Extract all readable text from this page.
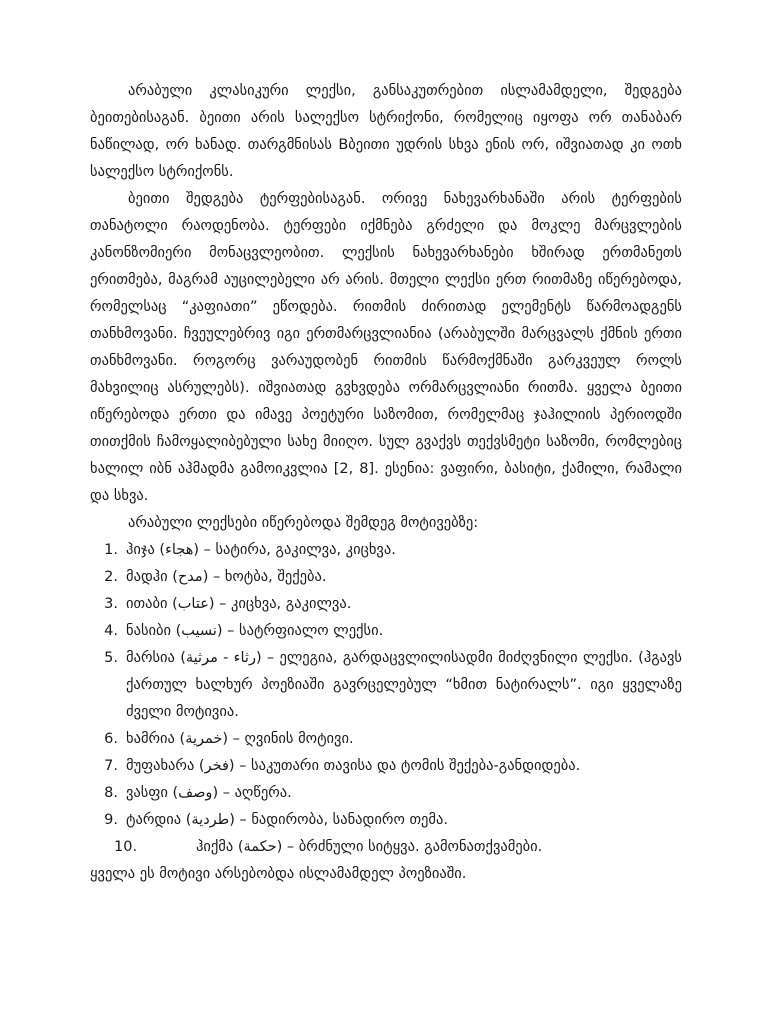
არაბული კლასიკური ლექსი, განსაკუთრებით ისლამამდელი, შედგება ბეითებისაგან. ბეითი არის სალექსო სტრიქონი, რომელიც იყოფა ორ თანაბარ ნაწილად, ორ ხანად. თარგმნისას Bბეითი უდრის სხვა ენის ორ, იშვიათად კი ოთხ სალექსო სტრიქონს.

ბეითი შედგება ტერფებისაგან. ორივე ნახევარხანაში არის ტერფების თანატოლი რაოდენობა. ტერფები იქმნება გრძელი და მოკლე მარცვლების კანონზომიერი მონაცვლეობით. ლექსის ნახევარხანები ხშირად ერთმანეთს ერითმება, მაგრამ აუცილებელი არ არის. მთელი ლექსი ერთ რითმაზე იწერებოდა, რომელსაც “კაფიათი” ეწოდება. რითმის ძირითად ელემენტს წარმოადგენს თანხმოვანი. ჩვეულებრივ იგი ერთმარცვლიანია (არაბულში მარცვალს ქმნის ერთი თანხმოვანი. როგორც ვარაუდობენ რითმის წარმოქმნაში გარკვეულ როლს მახვილიც ასრულებს). იშვიათად გვხვდება ორმარცვლიანი რითმა. ყველა ბეითი იწერებოდა ერთი და იმავე პოეტური საზომით, რომელმაც ჯაჰილიის პერიოდში თითქმის ჩამოყალიბებული სახე მიიღო. სულ გვაქვს თექვსმეტი საზომი, რომლებიც ხალილ იბნ აჰმადმა გამოიკვლია [2, 8]. ესენია: ვაფირი, ბასიტი, ქამილი, რამალი და სხვა.

არაბული ლექსები იწერებოდა შემდეგ მოტივებზე:

1. ჰიჯა (هجاء) – სატირა, გაკილვა, კიცხვა.
2. მადჰი (مدح) – ხოტბა, შექება.
3. ითაბი (عتاب) – კიცხვა, გაკილვა.
4. ნასიბი (نسيب) – სატრფიალო ლექსი.
5. მარსია (رثاء - مرثية) – ელეგია, გარდაცვლილისადმი მიძღვნილი ლექსი. (ჰგავს ქართულ ხალხურ პოეზიაში გავრცელებულ “ხმით ნატირალს”. იგი ყველაზე ძველი მოტივია.
6. ხამრია (خمرية) – ღვინის მოტივი.
7. მუფახარა (فخر) – საკუთარი თავისა და ტომის შექება-განდიდება.
8. ვასფი (وصف) – აღწერა.
9. ტარდია (طردية) – ნადირობა, სანადირო თემა.
10.	ჰიქმა (حكمة) – ბრძნული სიტყვა. გამონათქვამები.

ყველა ეს მოტივი არსებობდა ისლამამდელ პოეზიაში.
